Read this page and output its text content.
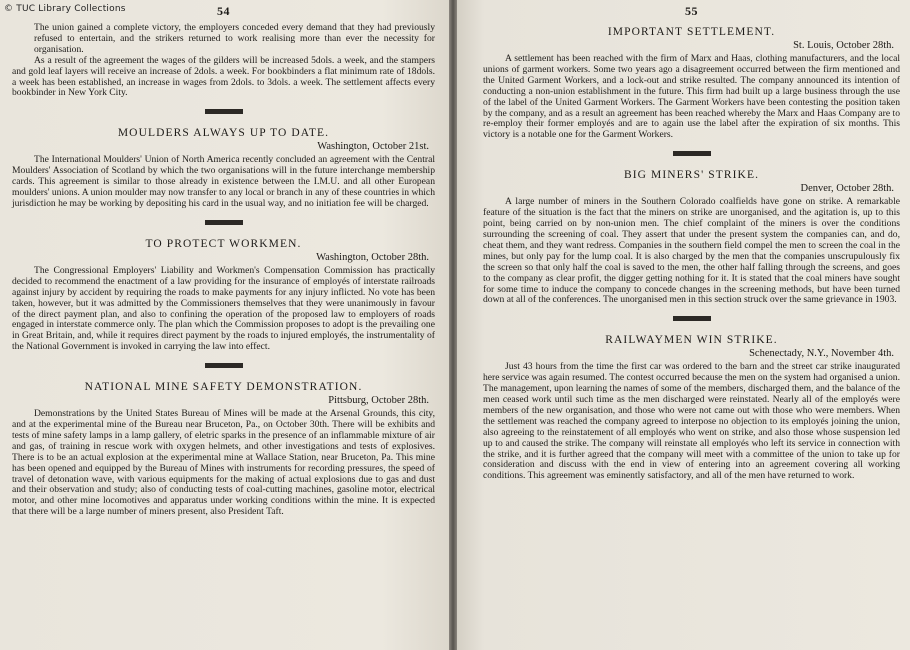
© TUC Library Collections	54

The union gained a complete victory, the employers conceded every demand that they had previously refused to entertain, and the strikers returned to work realising more than ever the necessity for organisation.

As a result of the agreement the wages of the gilders will be increased 5dols. a week, and the stampers and gold leaf layers will receive an increase of 2dols. a week. For bookbinders a flat minimum rate of 18dols. a week has been established, an increase in wages from 2dols. to 3dols. a week. The settlement affects every bookbinder in New York City.

MOULDERS ALWAYS UP TO DATE.
Washington, October 21st.

The International Moulders' Union of North America recently concluded an agreement with the Central Moulders' Association of Scotland by which the two organisations will in the future interchange membership cards. This agreement is similar to those already in existence between the I.M.U. and all other European moulders' unions. A union moulder may now transfer to any local or branch in any of these countries in which jurisdiction he may be working by depositing his card in the usual way, and no initiation fee will be charged.

TO PROTECT WORKMEN.
Washington, October 28th.

The Congressional Employers' Liability and Workmen's Compensation Commission has practically decided to recommend the enactment of a law providing for the insurance of employés of interstate railroads against injury by accident by requiring the roads to make payments for any injury inflicted. No vote has been taken, however, but it was admitted by the Commissioners themselves that they were unanimously in favour of the direct payment plan, and also to confining the operation of the proposed law to employers of roads engaged in interstate commerce only. The plan which the Commission proposes to adopt is the prevailing one in Great Britain, and, while it requires direct payment by the roads to injured employés, the instrumentality of the National Government is invoked in carrying the law into effect.

NATIONAL MINE SAFETY DEMONSTRATION.
Pittsburg, October 28th.

Demonstrations by the United States Bureau of Mines will be made at the Arsenal Grounds, this city, and at the experimental mine of the Bureau near Bruceton, Pa., on October 30th. There will be exhibits and tests of mine safety lamps in a lamp gallery, of eletric sparks in the presence of an inflammable mixture of air and gas, of training in rescue work with oxygen helmets, and other investigations and tests of explosives. There is to be an actual explosion at the experimental mine at Wallace Station, near Bruceton, Pa. This mine has been opened and equipped by the Bureau of Mines with instruments for recording pressures, the speed of travel of detonation wave, with various equipments for the making of actual explosions due to gas and dust and their observation and study; also of conducting tests of coal-cutting machines, gasoline motor, electrical motor, and other mine locomotives and apparatus under working conditions within the mine. It is expected that there will be a large number of miners present, also President Taft.

55
IMPORTANT SETTLEMENT.
St. Louis, October 28th.

A settlement has been reached with the firm of Marx and Haas, clothing manufacturers, and the local unions of garment workers. Some two years ago a disagreement occurred between the firm mentioned and the United Garment Workers, and a lock-out and strike resulted. The company announced its intention of conducting a non-union establishment in the future. This firm had built up a large business through the use of the label of the United Garment Workers. The Garment Workers have been contesting the position taken by the company, and as a result an agreement has been reached whereby the Marx and Haas Company are to re-employ their former employés and are to again use the label after the expiration of six months. This victory is a notable one for the Garment Workers.

BIG MINERS' STRIKE.
Denver, October 28th.

A large number of miners in the Southern Colorado coalfields have gone on strike. A remarkable feature of the situation is the fact that the miners on strike are unorganised, and the agitation is, up to this point, being carried on by non-union men. The chief complaint of the miners is over the conditions surrounding the screening of coal. They assert that under the present system the companies can, and do, cheat them, and they want redress. Companies in the southern field compel the men to screen the coal in the mines, but only pay for the lump coal. It is also charged by the men that the companies unscrupulously fix the screen so that only half the coal is saved to the men, the other half falling through the screens, and goes to the company as clear profit, the digger getting nothing for it. It is stated that the coal miners have sought for some time to induce the company to concede changes in the screening methods, but have been turned down at all of the conferences. The unorganised men in this section struck over the same grievance in 1903.

RAILWAYMEN WIN STRIKE.
Schenectady, N.Y., November 4th.

Just 43 hours from the time the first car was ordered to the barn and the street car strike inaugurated here service was again resumed. The contest occurred because the men on the system had organised a union. The management, upon learning the names of some of the members, discharged them, and the balance of the men ceased work until such time as the men discharged were reinstated. Nearly all of the employés were members of the new organisation, and those who were not came out with those who were members. When the settlement was reached the company agreed to interpose no objection to its employés joining the union, also agreeing to the reinstatement of all employés who went on strike, and also those whose suspension led up to and caused the strike. The company will reinstate all employés who left its service in connection with the strike, and it is further agreed that the company will meet with a committee of the union to take up for consideration and discuss with the end in view of entering into an agreement covering all working conditions. This agreement was eminently satisfactory, and all of the men have returned to work.
